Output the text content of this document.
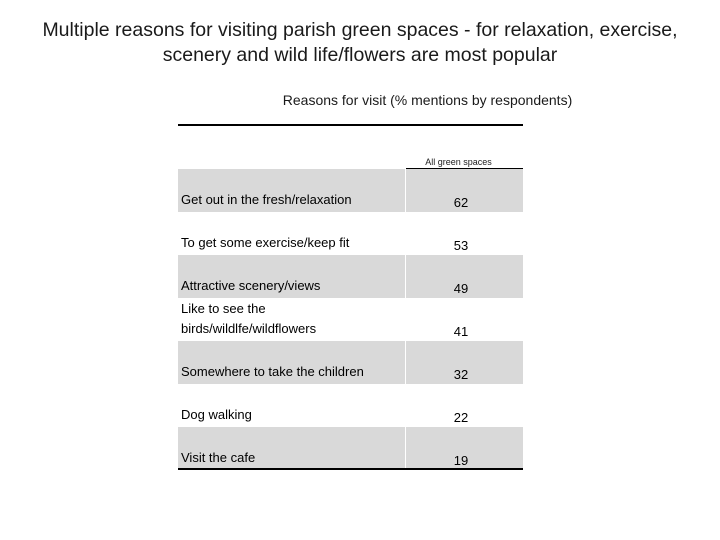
Multiple reasons for visiting parish green spaces - for relaxation, exercise, scenery and wild life/flowers are most popular
Reasons for visit (% mentions by respondents)
All green spaces
Get out in the fresh/relaxation	62
To get some exercise/keep fit	53
Attractive scenery/views	49
Like to see the birds/wildlfe/wildflowers	41
Somewhere to take the children	32
Dog walking	22
Visit the cafe	19
